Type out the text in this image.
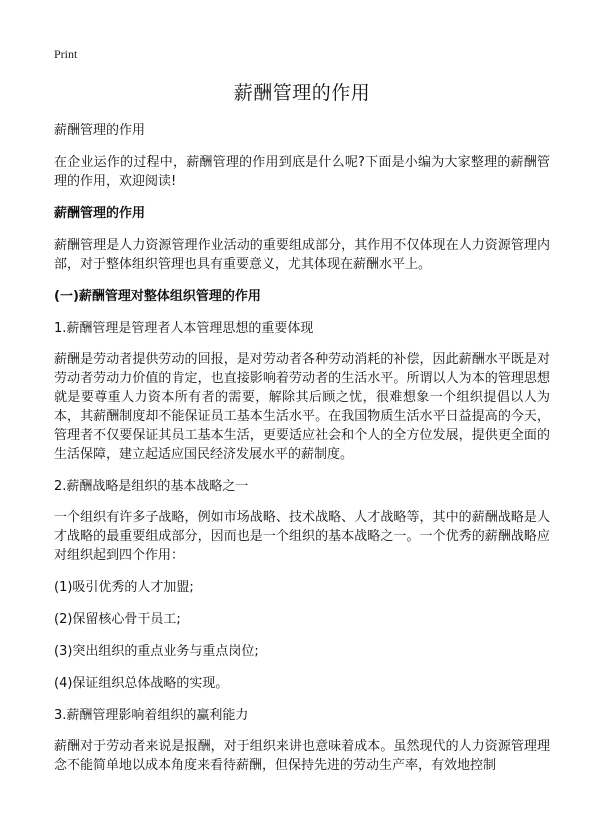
Print
薪酬管理的作用

薪酬管理的作用

在企业运作的过程中，薪酬管理的作用到底是什么呢?下面是小编为大家整理的薪酬管理的作用，欢迎阅读!

薪酬管理的作用

薪酬管理是人力资源管理作业活动的重要组成部分，其作用不仅体现在人力资源管理内部，对于整体组织管理也具有重要意义，尤其体现在薪酬水平上。

(一)薪酬管理对整体组织管理的作用

1.薪酬管理是管理者人本管理思想的重要体现

薪酬是劳动者提供劳动的回报，是对劳动者各种劳动消耗的补偿，因此薪酬水平既是对劳动者劳动力价值的肯定，也直接影响着劳动者的生活水平。所谓以人为本的管理思想就是要尊重人力资本所有者的需要，解除其后顾之忧，很难想象一个组织提倡以人为本，其薪酬制度却不能保证员工基本生活水平。在我国物质生活水平日益提高的今天，管理者不仅要保证其员工基本生活，更要适应社会和个人的全方位发展，提供更全面的生活保障，建立起适应国民经济发展水平的薪制度。

2.薪酬战略是组织的基本战略之一

一个组织有许多子战略，例如市场战略、技术战略、人才战略等，其中的薪酬战略是人才战略的最重要组成部分，因而也是一个组织的基本战略之一。一个优秀的薪酬战略应对组织起到四个作用：

(1)吸引优秀的人才加盟;

(2)保留核心骨干员工;

(3)突出组织的重点业务与重点岗位;

(4)保证组织总体战略的实现。

3.薪酬管理影响着组织的赢利能力

薪酬对于劳动者来说是报酬，对于组织来讲也意味着成本。虽然现代的人力资源管理理念不能简单地以成本角度来看待薪酬，但保持先进的劳动生产率，有效地控制
